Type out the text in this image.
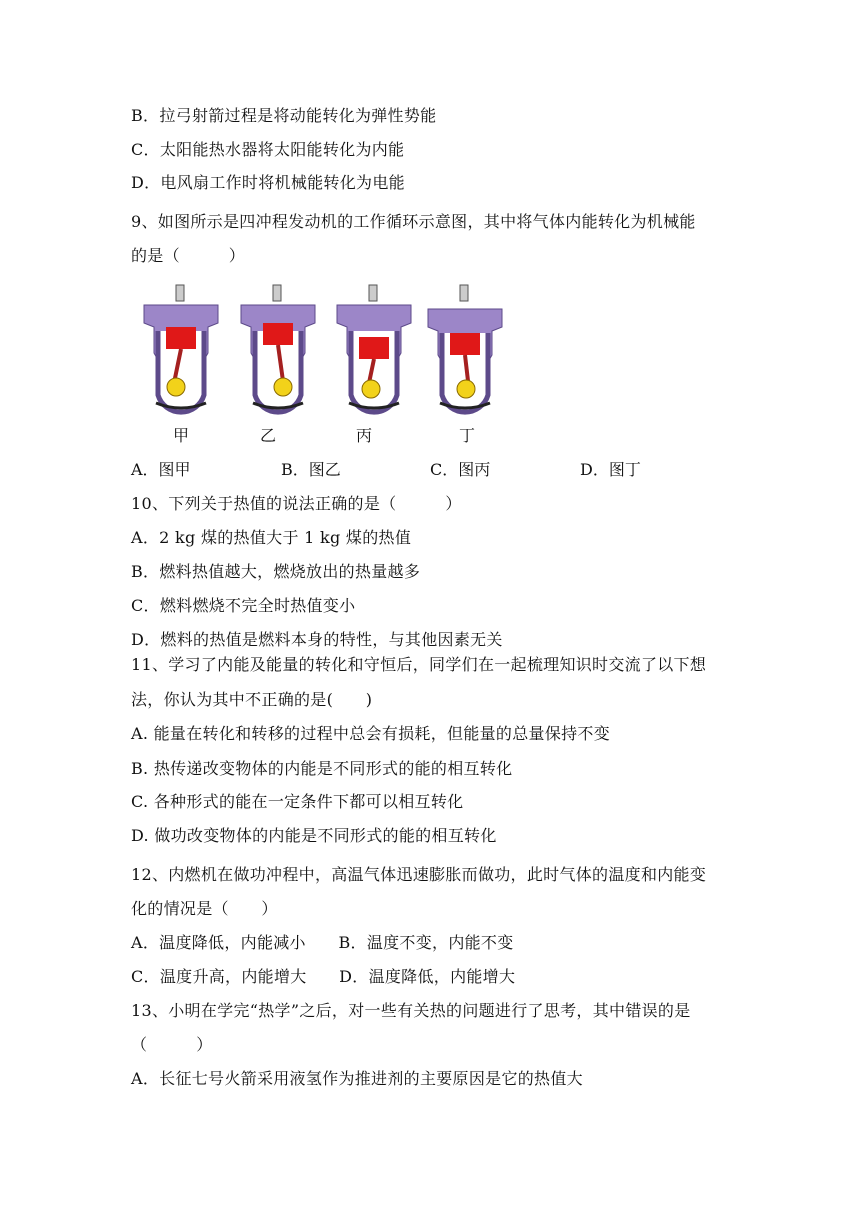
B．拉弓射箭过程是将动能转化为弹性势能
C．太阳能热水器将太阳能转化为内能
D．电风扇工作时将机械能转化为电能
9、如图所示是四冲程发动机的工作循环示意图，其中将气体内能转化为机械能
的是（　　　）
甲	乙	丙	丁
A．图甲	B．图乙	C．图丙	D．图丁
10、下列关于热值的说法正确的是（　　　）
A．2 kg 煤的热值大于 1 kg 煤的热值
B．燃料热值越大，燃烧放出的热量越多
C．燃料燃烧不完全时热值变小
D．燃料的热值是燃料本身的特性，与其他因素无关
11、学习了内能及能量的转化和守恒后，同学们在一起梳理知识时交流了以下想
法，你认为其中不正确的是(　　)
A. 能量在转化和转移的过程中总会有损耗，但能量的总量保持不变
B. 热传递改变物体的内能是不同形式的能的相互转化
C. 各种形式的能在一定条件下都可以相互转化
D. 做功改变物体的内能是不同形式的能的相互转化
12、内燃机在做功冲程中，高温气体迅速膨胀而做功，此时气体的温度和内能变
化的情况是（　　）
A．温度降低，内能减小　　B．温度不变，内能不变
C．温度升高，内能增大　　D．温度降低，内能增大
13、小明在学完“热学”之后，对一些有关热的问题进行了思考，其中错误的是
（　　　）
A．长征七号火箭采用液氢作为推进剂的主要原因是它的热值大
